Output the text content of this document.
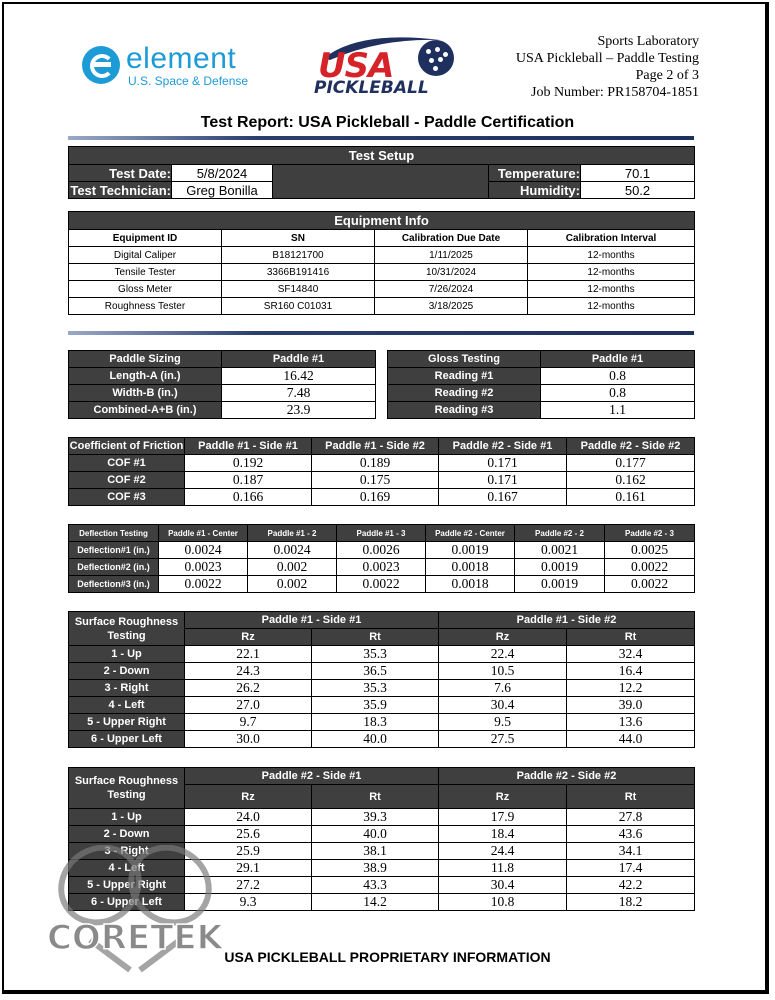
element
U.S. Space & Defense USA
PICKLEBALL
Sports Laboratory
USA Pickleball – Paddle Testing
Page 2 of 3
Job Number: PR158704-1851
Test Report: USA Pickleball - Paddle Certification
Test Setup				
Test Date:	5/8/2024		Temperature:	70.1
Test Technician:	Greg Bonilla		Humidity:	50.2
Equipment Info			
Equipment ID	SN	Calibration Due Date	Calibration Interval
Digital Caliper	B18121700	1/11/2025	12-months
Tensile Tester	3366B191416	10/31/2024	12-months
Gloss Meter	SF14840	7/26/2024	12-months
Roughness Tester	SR160 C01031	3/18/2025	12-months
Paddle Sizing	Paddle #1
Length-A (in.)	16.42
Width-B (in.)	7.48
Combined-A+B (in.)	23.9
Gloss Testing	Paddle #1
Reading #1	0.8
Reading #2	0.8
Reading #3	1.1
Coefficient of Friction	Paddle #1 - Side #1	Paddle #1 - Side #2	Paddle #2 - Side #1	Paddle #2 - Side #2
COF #1	0.192	0.189	0.171	0.177
COF #2	0.187	0.175	0.171	0.162
COF #3	0.166	0.169	0.167	0.161
Deflection Testing	Paddle #1 - Center	Paddle #1 - 2	Paddle #1 - 3	Paddle #2 - Center	Paddle #2 - 2	Paddle #2 - 3
Deflection#1 (in.)	0.0024	0.0024	0.0026	0.0019	0.0021	0.0025
Deflection#2 (in.)	0.0023	0.002	0.0023	0.0018	0.0019	0.0022
Deflection#3 (in.)	0.0022	0.002	0.0022	0.0018	0.0019	0.0022
Surface Roughness Testing	Paddle #1 - Side #1		Paddle #1 - Side #2	
	Rz	Rt	Rz	Rt
1 - Up	22.1	35.3	22.4	32.4
2 - Down	24.3	36.5	10.5	16.4
3 - Right	26.2	35.3	7.6	12.2
4 - Left	27.0	35.9	30.4	39.0
5 - Upper Right	9.7	18.3	9.5	13.6
6 - Upper Left	30.0	40.0	27.5	44.0
Surface Roughness Testing	Paddle #2 - Side #1		Paddle #2 - Side #2	
	Rz	Rt	Rz	Rt
1 - Up	24.0	39.3	17.9	27.8
2 - Down	25.6	40.0	18.4	43.6
3 - Right	25.9	38.1	24.4	34.1
4 - Left	29.1	38.9	11.8	17.4
5 - Upper Right	27.2	43.3	30.4	42.2
6 - Upper Left	9.3	14.2	10.8	18.2
CORETEK USA PICKLEBALL PROPRIETARY INFORMATION
